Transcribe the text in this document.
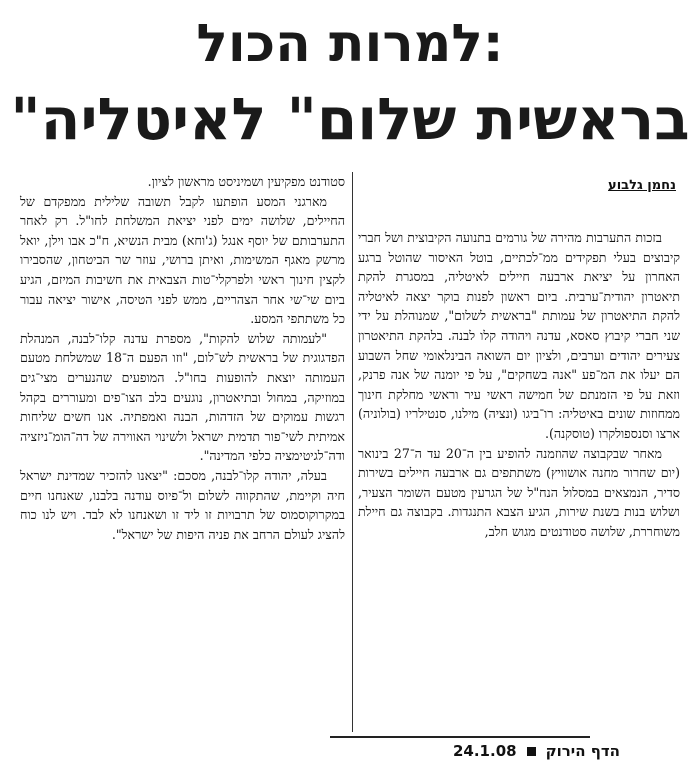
למרות הכול:
"בראשית שלום" לאיטליה
נחמן גלבוע

בזכות התערבות מהירה של גורמים בתנועה הקיבוצית ושל חברי קיבוצים בעלי תפקידים ממ־לכתיים, בוטל האיסור שהוטל ברגע האחרון על יציאת ארבעה חיילים לאיטליה, במסגרת להקת תיאטרון יהודית־ערבית. ביום ראשון לפנות בוקר יצאה לאיטליה להקת התיאטרון של עמותת "בראשית לשלום", שמנוהלת על ידי שני חברי קיבוץ סאסא, עדנה ויהודה קלו לבנה. בלהקת התיאטרון צעירים יהודים וערבים, ולציון יום השואה הבינלאומי שחל השבוע הם יעלו את המ־פע "אנה בשחקים", על פי יומנה של אנה פרנק, וזאת על פי הזמנתם של חמישה ראשי עיר וראשי מחלקת חינוך ממחוזות שונים באיטליה: רו־ביגו (ונציה) מילנו, סנטילריו (בולוניה) ארצו וסנספולקרו (טוסקנה).

מאחר שבקבוצה שהוזמנה להופיע בין ה־20 עד ה־27 בינואר (יום שחרור מחנה אושוויץ) משתתפים גם ארבעה חיילים בשירות סדיר, הנמצאים במסלול הנח"ל של הגרעין מטעם השומר הצעיר, ושלוש בנות בשנת שירות, הגיע הצבא התנגדות. בקבוצה גם חיילת משוחררת, שלושה סטודנטים מגוש חלב,

סטודנט מפקיעין ושמיניסט מראשון לציון.

מארגני המסע הופתעו לקבל תשובה שלילית ממפקדם של החיילים, שלושה ימים לפני יציאת המשלחת לחו"ל. רק לאחר התערבותם של יוסף אנגל (ג'וחא) מבית הנשיא, ח"כ אבו וילן, יואל מרשק מאגף המשימות, ואיתן ברושי, עוזר שר הביטחון, שהסבירו לקצין חינוך ראשי ולפרקלי־טות הצבאית את חשיבות המיזם, הגיע ביום שי־שי אחר הצהריים, ממש לפני הטיסה, אישור יציאה עבור כל משתתפי המסע.

"לעמותה שלוש להקות", מספרת עדנה קלו־לבנה, המנהלת הפדגוגית של בראשית לש־לום, "וזו הפעם ה־18 שמשלחת מטעם העמותה יוצאת להופעות בחו"ל. המופעים שהנערים מצי־גים במוזיקה, במחול ובתיאטרון, נוגעים בלב הצו־פים ומעוררים בקהל רגשות עמוקים של הזדהות, הבנה ואמפתיה. אנו חשים שליחות אמיתית לשי־פור תדמית ישראל ולשינוי האווירה של דה־הומ־ניזציה ודה־לגיטימציה כלפי המדינה".

בעלה, יהודה קלו־לבנה, מסכם: "יצאנו להזכיר שמדינת ישראל חיה וקיימת, שהתקווה לשלום ול־פיוס עודנה בלבנו, שאנחנו חיים במקרוקוסמוס של תרבויות זו ליד זו ושאנחנו לא לבד. ויש לנו כוח להציג לעולם הרחב את פניה היפות של ישראל".

24.1.08 הדף הירוק
